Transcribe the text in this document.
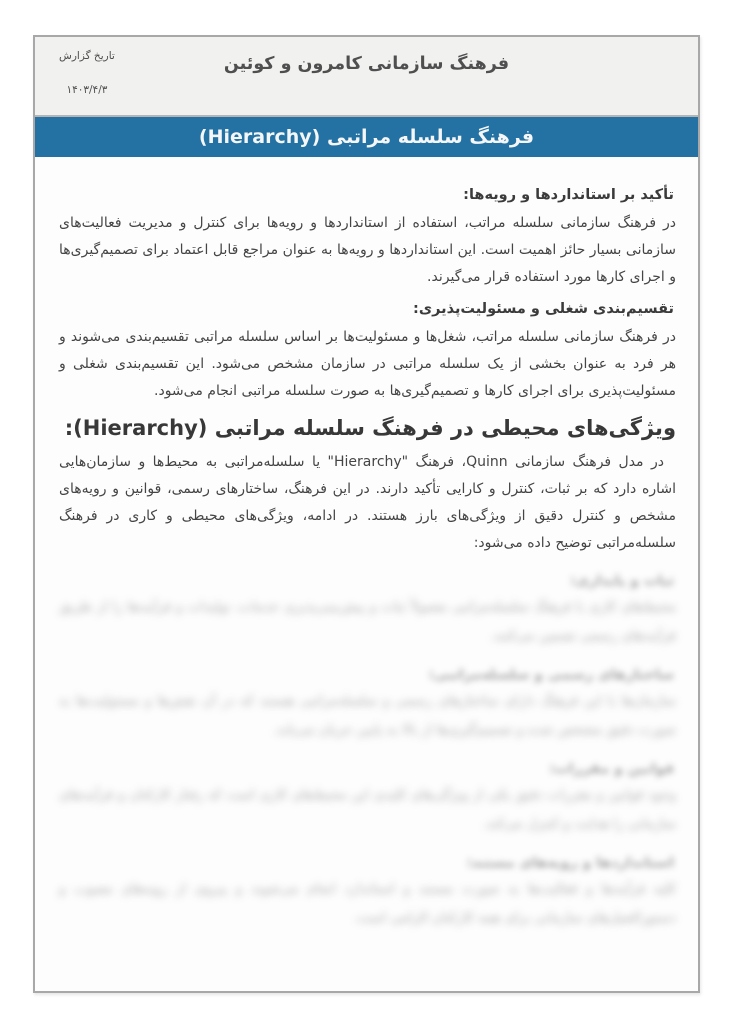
تاریخ گزارش
۱۴۰۳/۴/۳
فرهنگ سازمانی کامرون و کوئین
فرهنگ سلسله مراتبی (Hierarchy)
تأکید بر استانداردها و رویه‌ها:

در فرهنگ سازمانی سلسله مراتب، استفاده از استانداردها و رویه‌ها برای کنترل و مدیریت فعالیت‌های سازمانی بسیار حائز اهمیت است. این استانداردها و رویه‌ها به عنوان مراجع قابل اعتماد برای تصمیم‌گیری‌ها و اجرای کارها مورد استفاده قرار می‌گیرند.

تقسیم‌بندی شغلی و مسئولیت‌پذیری:

در فرهنگ سازمانی سلسله مراتب، شغل‌ها و مسئولیت‌ها بر اساس سلسله مراتبی تقسیم‌بندی می‌شوند و هر فرد به عنوان بخشی از یک سلسله مراتبی در سازمان مشخص می‌شود. این تقسیم‌بندی شغلی و مسئولیت‌پذیری برای اجرای کارها و تصمیم‌گیری‌ها به صورت سلسله مراتبی انجام می‌شود.

ویژگی‌های محیطی در فرهنگ سلسله مراتبی (Hierarchy):

در مدل فرهنگ سازمانی Quinn، فرهنگ "Hierarchy" یا سلسله‌مراتبی به محیط‌ها و سازمان‌هایی اشاره دارد که بر ثبات، کنترل و کارایی تأکید دارند. در این فرهنگ، ساختارهای رسمی، قوانین و رویه‌های مشخص و کنترل دقیق از ویژگی‌های بارز هستند. در ادامه، ویژگی‌های محیطی و کاری در فرهنگ سلسله‌مراتبی توضیح داده می‌شود:

ثبات و پایداری:

محیط‌های کاری با فرهنگ سلسله‌مراتبی معمولاً ثبات و پیش‌بینی‌پذیری خدمات، تولیدات و فرآیندها را از طریق فرآیندهای رسمی تضمین می‌کنند.

ساختارهای رسمی و سلسله‌مراتبی:

سازمان‌ها با این فرهنگ دارای ساختارهای رسمی و سلسله‌مراتبی هستند که در آن نقش‌ها و مسئولیت‌ها به صورت دقیق مشخص شده و تصمیم‌گیری‌ها از بالا به پایین جریان می‌یابد.

قوانین و مقررات:

وجود قوانین و مقررات دقیق یکی از ویژگی‌های کلیدی این محیط‌های کاری است که رفتار کارکنان و فرآیندهای سازمانی را هدایت و کنترل می‌کند.

استانداردها و رویه‌های مستند:

کلیه فرآیندها و فعالیت‌ها به صورت مستند و استاندارد انجام می‌شوند و پیروی از رویه‌های مصوب و دستورالعمل‌های سازمانی برای همه کارکنان الزامی است.
